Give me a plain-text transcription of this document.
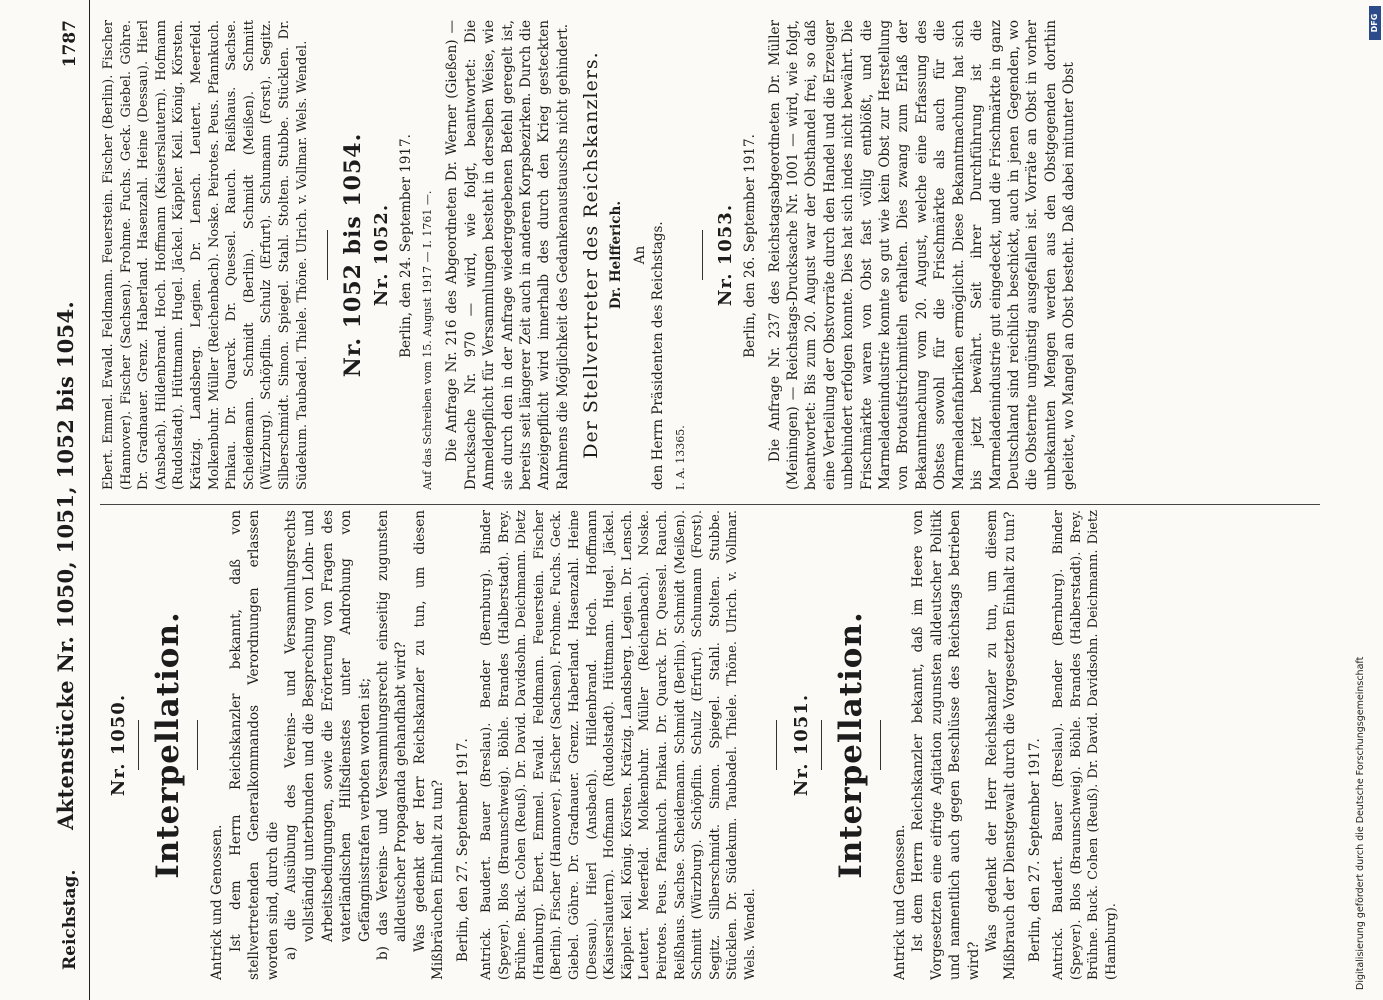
Reichstag.
Aktenstücke Nr. 1050, 1051, 1052 bis 1054.
1787
Nr. 1050. Interpellation.

Antrick und Genossen. Ist dem Herrn Reichskanzler bekannt, daß von stellvertretenden Generalkommandos Verordnungen erlassen worden sind, durch die a) die Ausübung des Vereins- und Versammlungsrechts vollständig unterbunden und die Besprechung von Lohn- und Arbeitsbedingungen, sowie die Erörterung von Fragen des vaterländischen Hilfsdienstes unter Androhung von Gefängnisstrafen verboten worden ist; b) das Vereins- und Versammlungsrecht einseitig zugunsten alldeutscher Propaganda gehandhabt wird? Was gedenkt der Herr Reichskanzler zu tun, um diesen Mißbräuchen Einhalt zu tun? Berlin, den 27. September 1917. Antrick. Baudert. Bauer (Breslau). Bender (Bernburg). Binder (Speyer). Blos (Braunschweig). Böhle. Brandes (Halberstadt). Brey. Brühne. Buck. Cohen (Reuß). Dr. David. Davidsohn. Deichmann. Dietz (Hamburg). Ebert. Emmel. Ewald. Feldmann. Feuerstein. Fischer (Berlin). Fischer (Hannover). Fischer (Sachsen). Frohme. Fuchs. Geck. Giebel. Göhre. Dr. Gradnauer. Grenz. Haberland. Hasenzahl. Heine (Dessau). Hierl (Ansbach). Hildenbrand. Hoch. Hoffmann (Kaiserslautern). Hofmann (Rudolstadt). Hüttmann. Hugel. Jäckel. Käppler. Keil. König. Körsten. Krätzig. Landsberg. Legien. Dr. Lensch. Leutert. Meerfeld. Molkenbuhr. Müller (Reichenbach). Noske. Peirotes. Peus. Pfannkuch. Pinkau. Dr. Quarck. Dr. Quessel. Rauch. Reißhaus. Sachse. Scheidemann. Schmidt (Berlin). Schmidt (Meißen). Schmitt (Würzburg). Schöpflin. Schulz (Erfurt). Schumann (Forst). Segitz. Silberschmidt. Simon. Spiegel. Stahl. Stolten. Stubbe. Stücklen. Dr. Südekum. Taubadel. Thiele. Thöne. Ulrich. v. Vollmar. Wels. Wendel.

Nr. 1051. Interpellation.

Antrick und Genossen. Ist dem Herrn Reichskanzler bekannt, daß im Heere von Vorgesetzten eine eifrige Agitation zugunsten alldeutscher Politik und namentlich auch gegen Beschlüsse des Reichstags betrieben wird?

Was gedenkt der Herr Reichskanzler zu tun, um diesem Mißbrauch der Dienstgewalt durch die Vorgesetzten Einhalt zu tun? Berlin, den 27. September 1917. Antrick. Baudert. Bauer (Breslau). Bender (Bernburg). Binder (Speyer). Blos (Braunschweig). Böhle. Brandes (Halberstadt). Brey. Brühne. Buck. Cohen (Reuß). Dr. David. Davidsohn. Deichmann. Dietz (Hamburg).

Ebert. Emmel. Ewald. Feldmann. Feuerstein. Fischer (Berlin). Fischer (Hannover). Fischer (Sachsen). Frohme. Fuchs. Geck. Giebel. Göhre. Dr. Gradnauer. Grenz. Haberland. Hasenzahl. Heine (Dessau). Hierl (Ansbach). Hildenbrand. Hoch. Hoffmann (Kaiserslautern). Hofmann (Rudolstadt). Hüttmann. Hugel. Jäckel. Käppler. Keil. König. Körsten. Krätzig. Landsberg. Legien. Dr. Lensch. Leutert. Meerfeld. Molkenbuhr. Müller (Reichenbach). Noske. Peirotes. Peus. Pfannkuch. Pinkau. Dr. Quarck. Dr. Quessel. Rauch. Reißhaus. Sachse. Scheidemann. Schmidt (Berlin). Schmidt (Meißen). Schmitt (Würzburg). Schöpflin. Schulz (Erfurt). Schumann (Forst). Segitz. Silberschmidt. Simon. Spiegel. Stahl. Stolten. Stubbe. Stücklen. Dr. Südekum. Taubadel. Thiele. Thöne. Ulrich. v. Vollmar. Wels. Wendel. Nr. 1052 bis 1054. Nr. 1052. Berlin, den 24. September 1917. Auf das Schreiben vom 15. August 1917 — I. 1761 —. Die Anfrage Nr. 216 des Abgeordneten Dr. Werner (Gießen) — Drucksache Nr. 970 — wird, wie folgt, beantwortet: Die Anmeldepflicht für Versammlungen besteht in derselben Weise, wie sie durch den in der Anfrage wiedergegebenen Befehl geregelt ist, bereits seit längerer Zeit auch in anderen Korpsbezirken. Durch die Anzeigepflicht wird innerhalb des durch den Krieg gesteckten Rahmens die Möglichkeit des Gedankenaustauschs nicht gehindert. Der Stellvertreter des Reichskanzlers. Dr. Helfferich. An den Herrn Präsidenten des Reichstags. I. A. 13365.

Nr. 1053. Berlin, den 26. September 1917. Die Anfrage Nr. 237 des Reichstagsabgeordneten Dr. Müller (Meiningen) — Reichstags-Drucksache Nr. 1001 — wird, wie folgt, beantwortet: Bis zum 20. August war der Obsthandel frei, so daß eine Verteilung der Obstvorräte durch den Handel und die Erzeuger unbehindert erfolgen konnte. Dies hat sich indes nicht bewährt. Die Frischmärkte waren von Obst fast völlig entblößt, und die Marmeladenindustrie konnte so gut wie kein Obst zur Herstellung von Brotaufstrichmitteln erhalten. Dies zwang zum Erlaß der Bekanntmachung vom 20. August, welche eine Erfassung des Obstes sowohl für die Frischmärkte als auch für die Marmeladenfabriken ermöglicht. Diese Bekanntmachung hat sich bis jetzt bewährt. Seit ihrer Durchführung ist die Marmeladenindustrie gut eingedeckt, und die Frischmärkte in ganz Deutschland sind reichlich beschickt, auch in jenen Gegenden, wo die Obsternte ungünstig ausgefallen ist. Vorräte an Obst in vorher unbekannten Mengen werden aus den Obstgegenden dorthin geleitet, wo Mangel an Obst besteht. Daß dabei mitunter Obst

Digitalisierung gefördert durch die Deutsche Forschungsgemeinschaft
DFG
